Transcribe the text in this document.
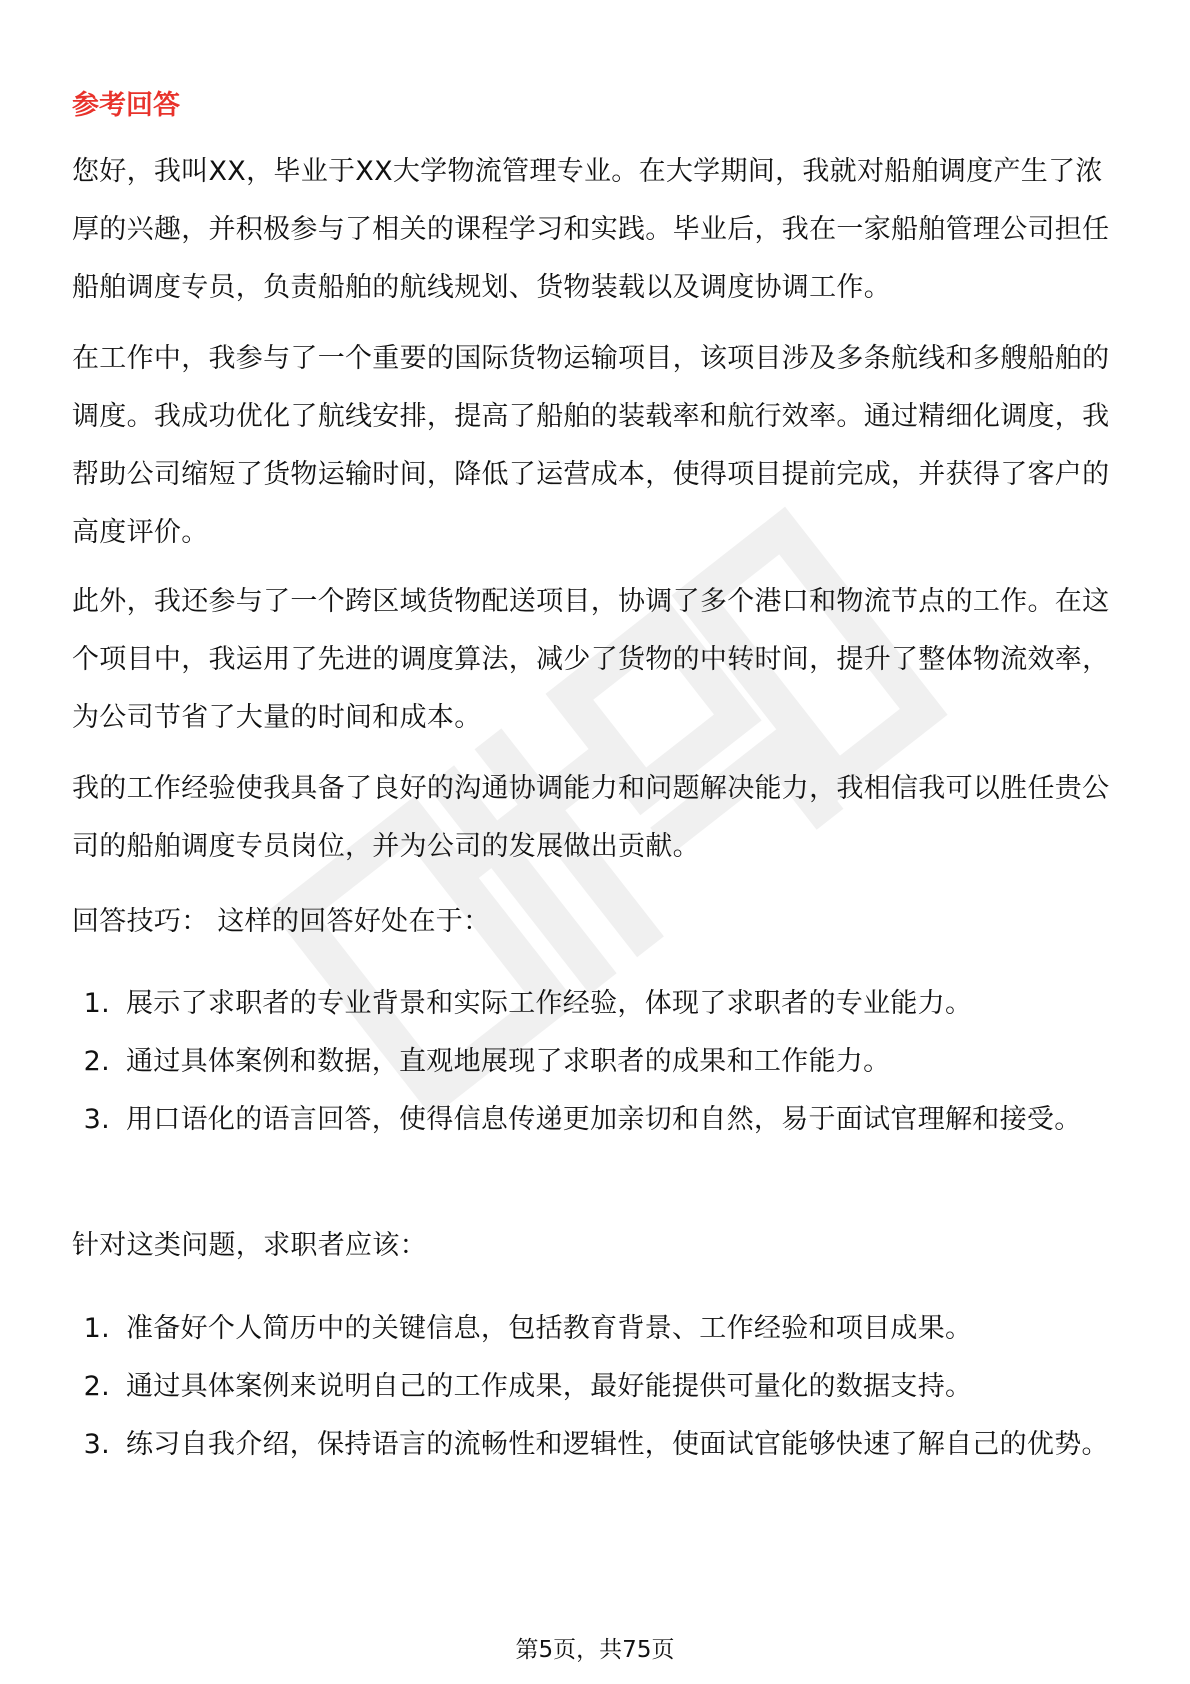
参考回答

您好，我叫XX，毕业于XX大学物流管理专业。在大学期间，我就对船舶调度产生了浓厚的兴趣，并积极参与了相关的课程学习和实践。毕业后，我在一家船舶管理公司担任船舶调度专员，负责船舶的航线规划、货物装载以及调度协调工作。

在工作中，我参与了一个重要的国际货物运输项目，该项目涉及多条航线和多艘船舶的调度。我成功优化了航线安排，提高了船舶的装载率和航行效率。通过精细化调度，我帮助公司缩短了货物运输时间，降低了运营成本，使得项目提前完成，并获得了客户的高度评价。

此外，我还参与了一个跨区域货物配送项目，协调了多个港口和物流节点的工作。在这个项目中，我运用了先进的调度算法，减少了货物的中转时间，提升了整体物流效率，为公司节省了大量的时间和成本。

我的工作经验使我具备了良好的沟通协调能力和问题解决能力，我相信我可以胜任贵公司的船舶调度专员岗位，并为公司的发展做出贡献。

回答技巧： 这样的回答好处在于：

1. 展示了求职者的专业背景和实际工作经验，体现了求职者的专业能力。
2. 通过具体案例和数据，直观地展现了求职者的成果和工作能力。
3. 用口语化的语言回答，使得信息传递更加亲切和自然，易于面试官理解和接受。

针对这类问题，求职者应该：

1. 准备好个人简历中的关键信息，包括教育背景、工作经验和项目成果。
2. 通过具体案例来说明自己的工作成果，最好能提供可量化的数据支持。
3. 练习自我介绍，保持语言的流畅性和逻辑性，使面试官能够快速了解自己的优势。
第5页，共75页
